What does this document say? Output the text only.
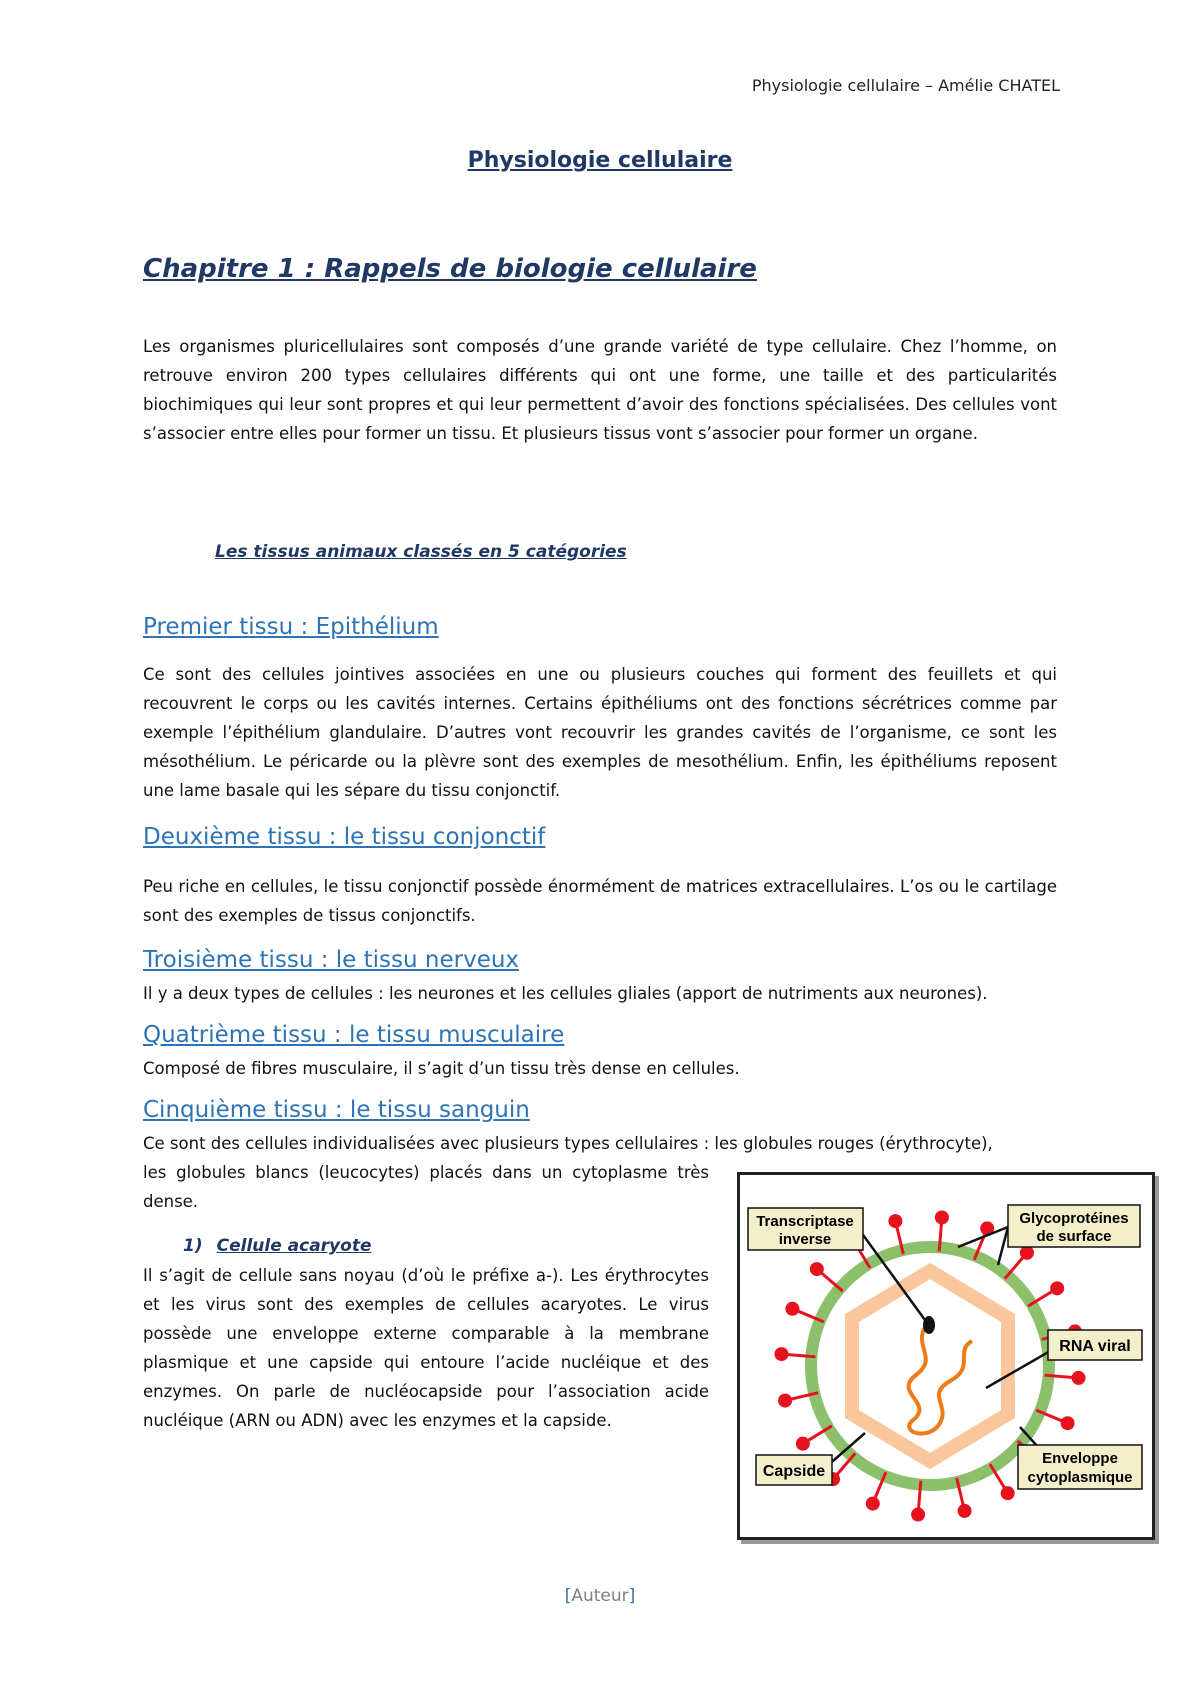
Physiologie cellulaire – Amélie CHATEL
Physiologie cellulaire
Chapitre 1 : Rappels de biologie cellulaire
Les organismes pluricellulaires sont composés d’une grande variété de type cellulaire. Chez l’homme, on retrouve environ 200 types cellulaires différents qui ont une forme, une taille et des particularités biochimiques qui leur sont propres et qui leur permettent d’avoir des fonctions spécialisées. Des cellules vont s’associer entre elles pour former un tissu. Et plusieurs tissus vont s’associer pour former un organe.
Les tissus animaux classés en 5 catégories
Premier tissu : Epithélium
Ce sont des cellules jointives associées en une ou plusieurs couches qui forment des feuillets et qui recouvrent le corps ou les cavités internes. Certains épithéliums ont des fonctions sécrétrices comme par exemple l’épithélium glandulaire. D’autres vont recouvrir les grandes cavités de l’organisme, ce sont les mésothélium. Le péricarde ou la plèvre sont des exemples de mesothélium. Enfin, les épithéliums reposent une lame basale qui les sépare du tissu conjonctif.
Deuxième tissu : le tissu conjonctif
Peu riche en cellules, le tissu conjonctif possède énormément de matrices extracellulaires. L’os ou le cartilage sont des exemples de tissus conjonctifs.
Troisième tissu : le tissu nerveux
Il y a deux types de cellules : les neurones et les cellules gliales (apport de nutriments aux neurones).
Quatrième tissu : le tissu musculaire
Composé de fibres musculaire, il s’agit d’un tissu très dense en cellules.
Cinquième tissu : le tissu sanguin
Ce sont des cellules individualisées avec plusieurs types cellulaires : les globules rouges (érythrocyte),
les globules blancs (leucocytes) placés dans un cytoplasme très dense.
1) Cellule acaryote
Il s’agit de cellule sans noyau (d’où le préfixe a-). Les érythrocytes et les virus sont des exemples de cellules acaryotes. Le virus possède une enveloppe externe comparable à la membrane plasmique et une capside qui entoure l’acide nucléique et des enzymes. On parle de nucléocapside pour l’association acide nucléique (ARN ou ADN) avec les enzymes et la capside.
Transcriptase
inverse
Glycoprotéines
de surface
RNA viral
Capside
Enveloppe
cytoplasmique
[Auteur]
